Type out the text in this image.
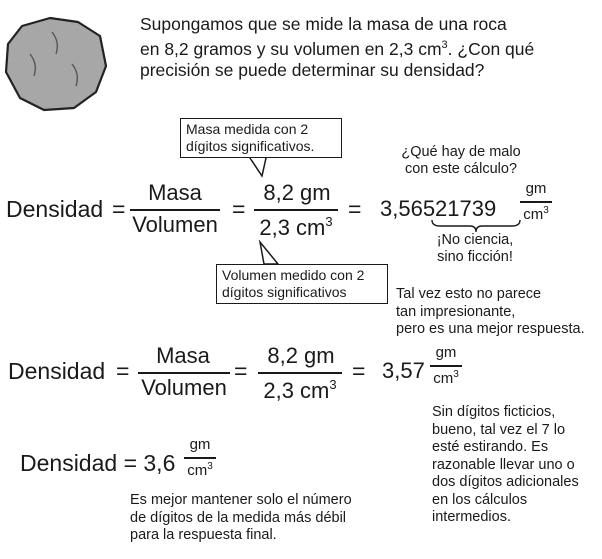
Supongamos que se mide la masa de una roca
en 8,2 gramos y su volumen en 2,3 $cm^3$. ¿Con qué
precisión se puede determinar su densidad?
Masa medida con 2
dígitos significativos.
Densidad =
Masa
Volumen
=
8,2 gm
2,3 $cm^3 = 3,56521739$
gm
$cm^3$
¿Qué hay de malo
con este cálculo?
¡No ciencia,
sino ficción!
Volumen medido con 2
dígitos significativos	Tal vez esto no parece
tan impresionante,
pero es una mejor respuesta.
Densidad =
Masa
Volumen
=
8,2 gm
2,3 $cm^3$
= 3,57
gm
$cm^3$
Sin dígitos ficticios,
bueno, tal vez el 7 lo
esté estirando. Es
razonable llevar uno o
dos dígitos adicionales
en los cálculos
intermedios.
Densidad = 3,6
gm
$cm^3$
Es mejor mantener solo el número
de dígitos de la medida más débil
para la respuesta final.
